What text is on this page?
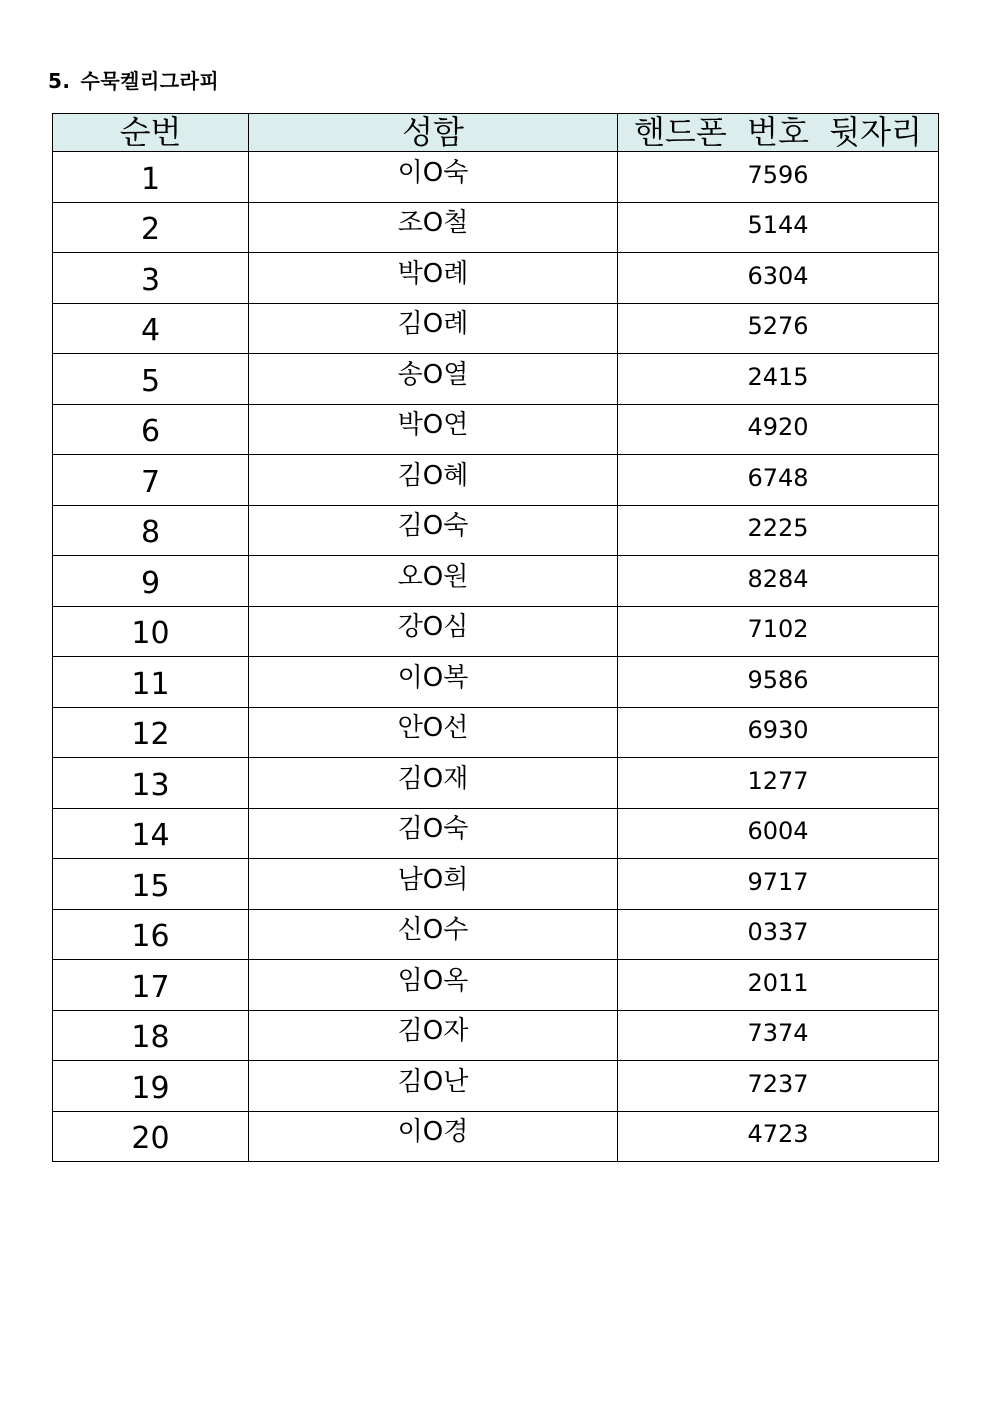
5. 수묵켈리그라피
순번	성함	핸드폰  번호  뒷자리
1	이O숙	7596
2	조O철	5144
3	박O례	6304
4	김O례	5276
5	송O열	2415
6	박O연	4920
7	김O혜	6748
8	김O숙	2225
9	오O원	8284
10	강O심	7102
11	이O복	9586
12	안O선	6930
13	김O재	1277
14	김O숙	6004
15	남O희	9717
16	신O수	0337
17	임O옥	2011
18	김O자	7374
19	김O난	7237
20	이O경	4723
